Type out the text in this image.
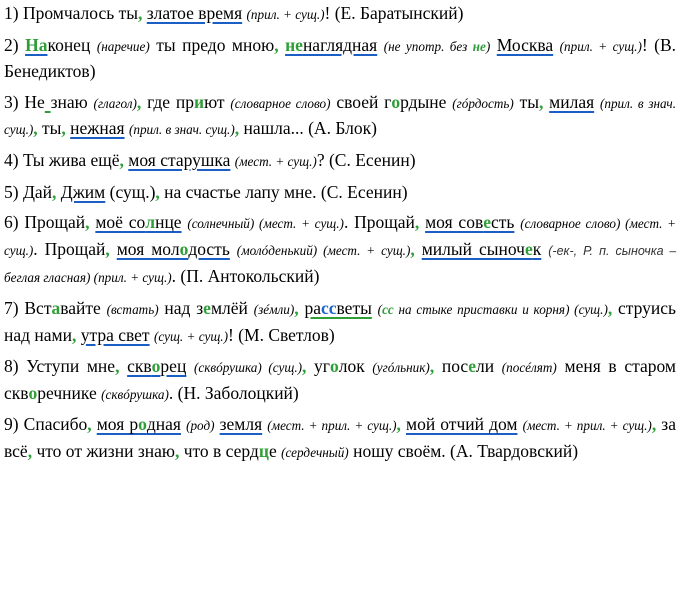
1) Промчалось ты, златое время (прил. + сущ.)! (Е. Баратынский)

2) Наконец (наречие) ты предо мною, ненаглядная (не употр. без не) Москва (прил. + сущ.)! (В. Бенедиктов)

3) Не знаю (глагол), где приют (словарное слово) своей гордыне (гóрдость) ты, милая (прил. в знач. сущ.), ты, нежная (прил. в знач. сущ.), нашла... (А. Блок)

4) Ты жива ещё, моя старушка (мест. + сущ.)? (С. Есенин)

5) Дай, Джим (сущ.), на счастье лапу мне. (С. Есенин)

6) Прощай, моё солнце (солнечный) (мест. + сущ.). Прощай, моя совесть (словарное слово) (мест. + сущ.). Прощай, моя молодость (молóденький) (мест. + сущ.), милый сыночек (-ек-, Р. п. сыночка – беглая гласная) (прил. + сущ.). (П. Антокольский)

7) Вставайте (встать) над землёй (зéмли), рассветы (сс на стыке приставки и корня) (сущ.), струись над нами, утра свет (сущ. + сущ.)! (М. Светлов)

8) Уступи мне, скворец (сквóрушка) (сущ.), уголок (угóльник), посели (посéлят) меня в старом скворечнике (сквóрушка). (Н. Заболоцкий)

9) Спасибо, моя родная (род) земля (мест. + прил. + сущ.), мой отчий дом (мест. + прил. + сущ.), за всё, что от жизни знаю, что в сердце (сердечный) ношу своём. (А. Твардовский)
